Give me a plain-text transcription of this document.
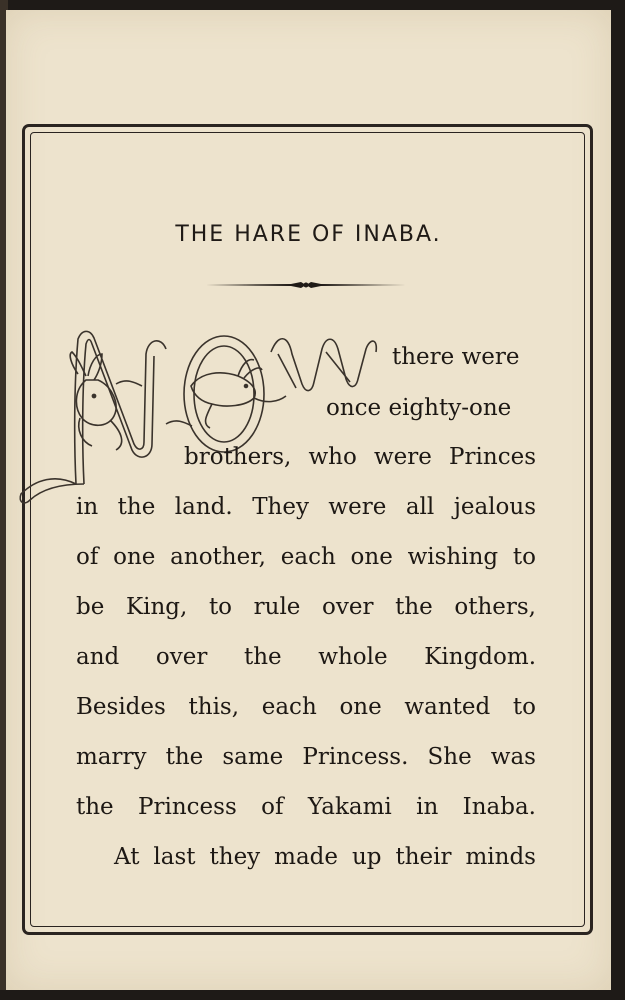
THE HARE OF INABA.
there were
once eighty-one
brothers, who were Princes
in the land. They were all jealous
of one another, each one wishing to
be King, to rule over the others,
and over the whole Kingdom.
Besides this, each one wanted to
marry the same Princess. She was
the Princess of Yakami in Inaba.
At last they made up their minds
